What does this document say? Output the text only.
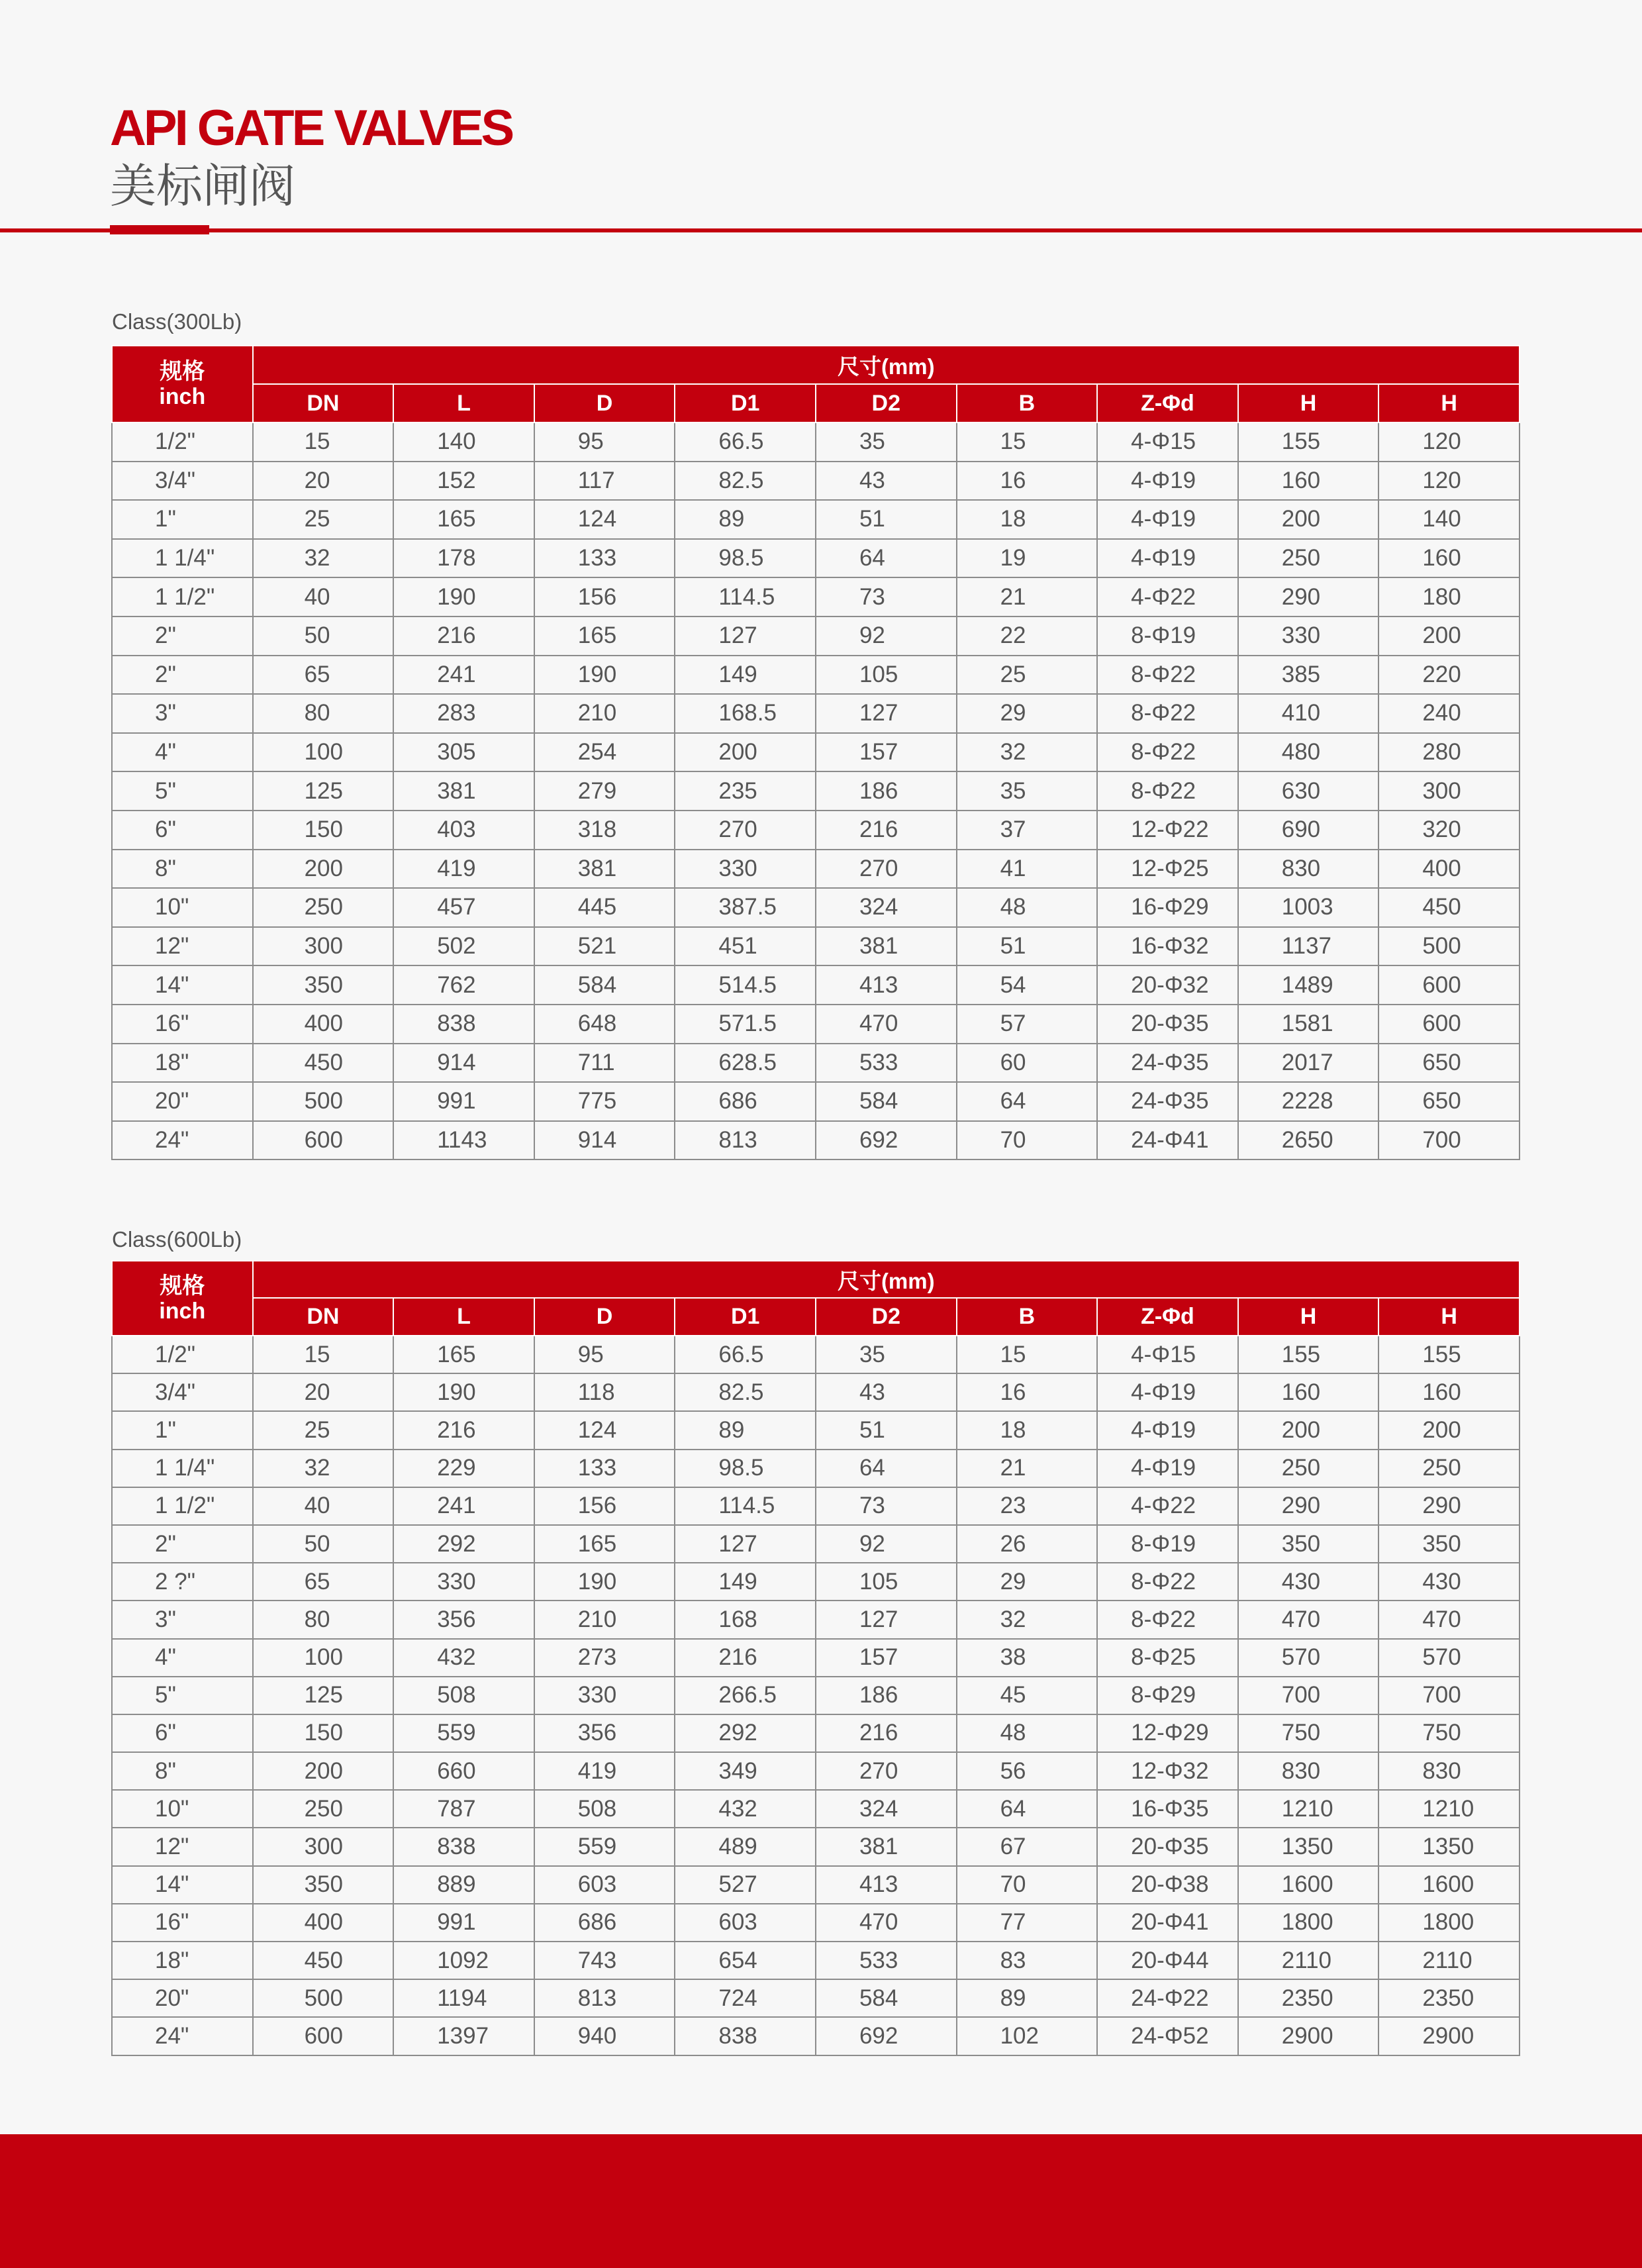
API GATE VALVES
美标闸阀
Class(300Lb)
规格
inch	尺寸(mm)								
	DN	L	D	D1	D2	B	Z-Φd	H	H
1/2"	15	140	95	66.5	35	15	4-Φ15	155	120
3/4"	20	152	117	82.5	43	16	4-Φ19	160	120
1"	25	165	124	89	51	18	4-Φ19	200	140
1 1/4"	32	178	133	98.5	64	19	4-Φ19	250	160
1 1/2"	40	190	156	114.5	73	21	4-Φ22	290	180
2"	50	216	165	127	92	22	8-Φ19	330	200
2"	65	241	190	149	105	25	8-Φ22	385	220
3"	80	283	210	168.5	127	29	8-Φ22	410	240
4"	100	305	254	200	157	32	8-Φ22	480	280
5"	125	381	279	235	186	35	8-Φ22	630	300
6"	150	403	318	270	216	37	12-Φ22	690	320
8"	200	419	381	330	270	41	12-Φ25	830	400
10"	250	457	445	387.5	324	48	16-Φ29	1003	450
12"	300	502	521	451	381	51	16-Φ32	1137	500
14"	350	762	584	514.5	413	54	20-Φ32	1489	600
16"	400	838	648	571.5	470	57	20-Φ35	1581	600
18"	450	914	711	628.5	533	60	24-Φ35	2017	650
20"	500	991	775	686	584	64	24-Φ35	2228	650
24"	600	1143	914	813	692	70	24-Φ41	2650	700
Class(600Lb)
规格
inch	尺寸(mm)								
	DN	L	D	D1	D2	B	Z-Φd	H	H
1/2"	15	165	95	66.5	35	15	4-Φ15	155	155
3/4"	20	190	118	82.5	43	16	4-Φ19	160	160
1"	25	216	124	89	51	18	4-Φ19	200	200
1 1/4"	32	229	133	98.5	64	21	4-Φ19	250	250
1 1/2"	40	241	156	114.5	73	23	4-Φ22	290	290
2"	50	292	165	127	92	26	8-Φ19	350	350
2 ?"	65	330	190	149	105	29	8-Φ22	430	430
3"	80	356	210	168	127	32	8-Φ22	470	470
4"	100	432	273	216	157	38	8-Φ25	570	570
5"	125	508	330	266.5	186	45	8-Φ29	700	700
6"	150	559	356	292	216	48	12-Φ29	750	750
8"	200	660	419	349	270	56	12-Φ32	830	830
10"	250	787	508	432	324	64	16-Φ35	1210	1210
12"	300	838	559	489	381	67	20-Φ35	1350	1350
14"	350	889	603	527	413	70	20-Φ38	1600	1600
16"	400	991	686	603	470	77	20-Φ41	1800	1800
18"	450	1092	743	654	533	83	20-Φ44	2110	2110
20"	500	1194	813	724	584	89	24-Φ22	2350	2350
24"	600	1397	940	838	692	102	24-Φ52	2900	2900
